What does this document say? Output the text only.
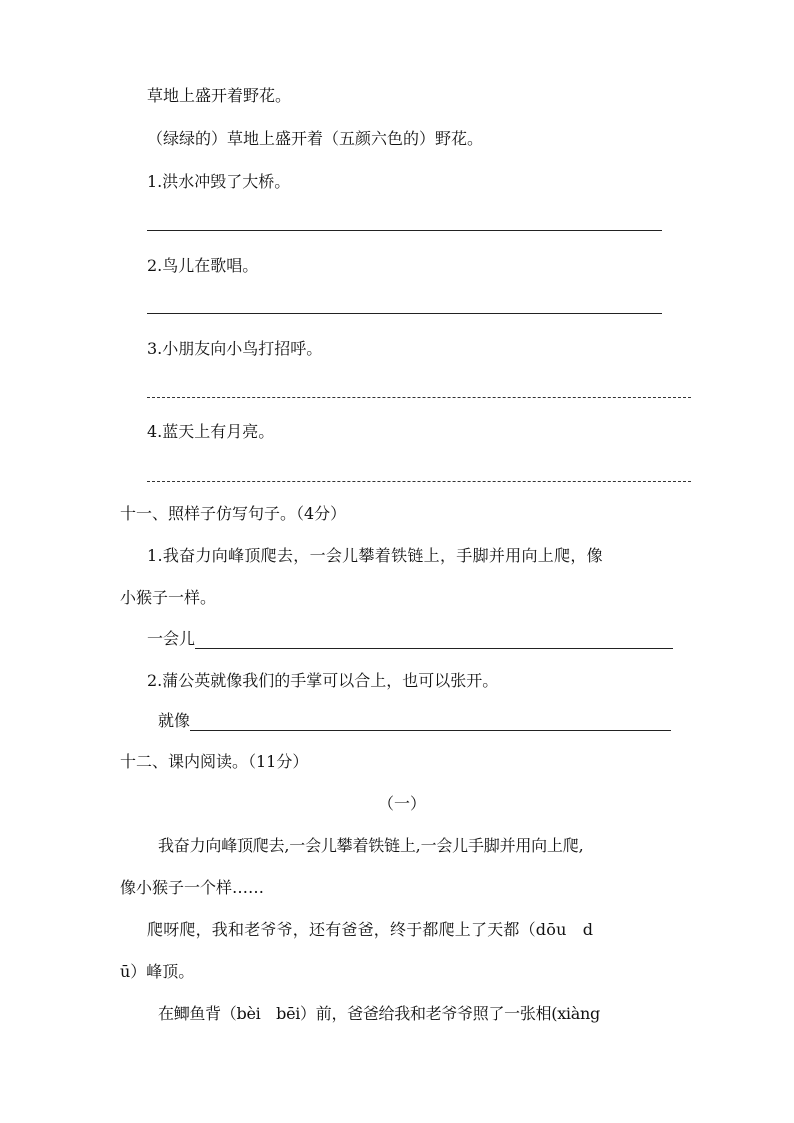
草地上盛开着野花。
（绿绿的）草地上盛开着（五颜六色的）野花。
1.洪水冲毁了大桥。
2.鸟儿在歌唱。
3.小朋友向小鸟打招呼。
4.蓝天上有月亮。
十一、照样子仿写句子。（4分）
1.我奋力向峰顶爬去，一会儿攀着铁链上，手脚并用向上爬，像
小猴子一样。
一会儿
2.蒲公英就像我们的手掌可以合上，也可以张开。
就像
十二、课内阅读。（11分）
（一）
我奋力向峰顶爬去,一会儿攀着铁链上,一会儿手脚并用向上爬,
像小猴子一个样……
爬呀爬，我和老爷爷，还有爸爸，终于都爬上了天都（dōu　d
ū）峰顶。
在鲫鱼背（bèi　bēi）前，爸爸给我和老爷爷照了一张相(xiàng
